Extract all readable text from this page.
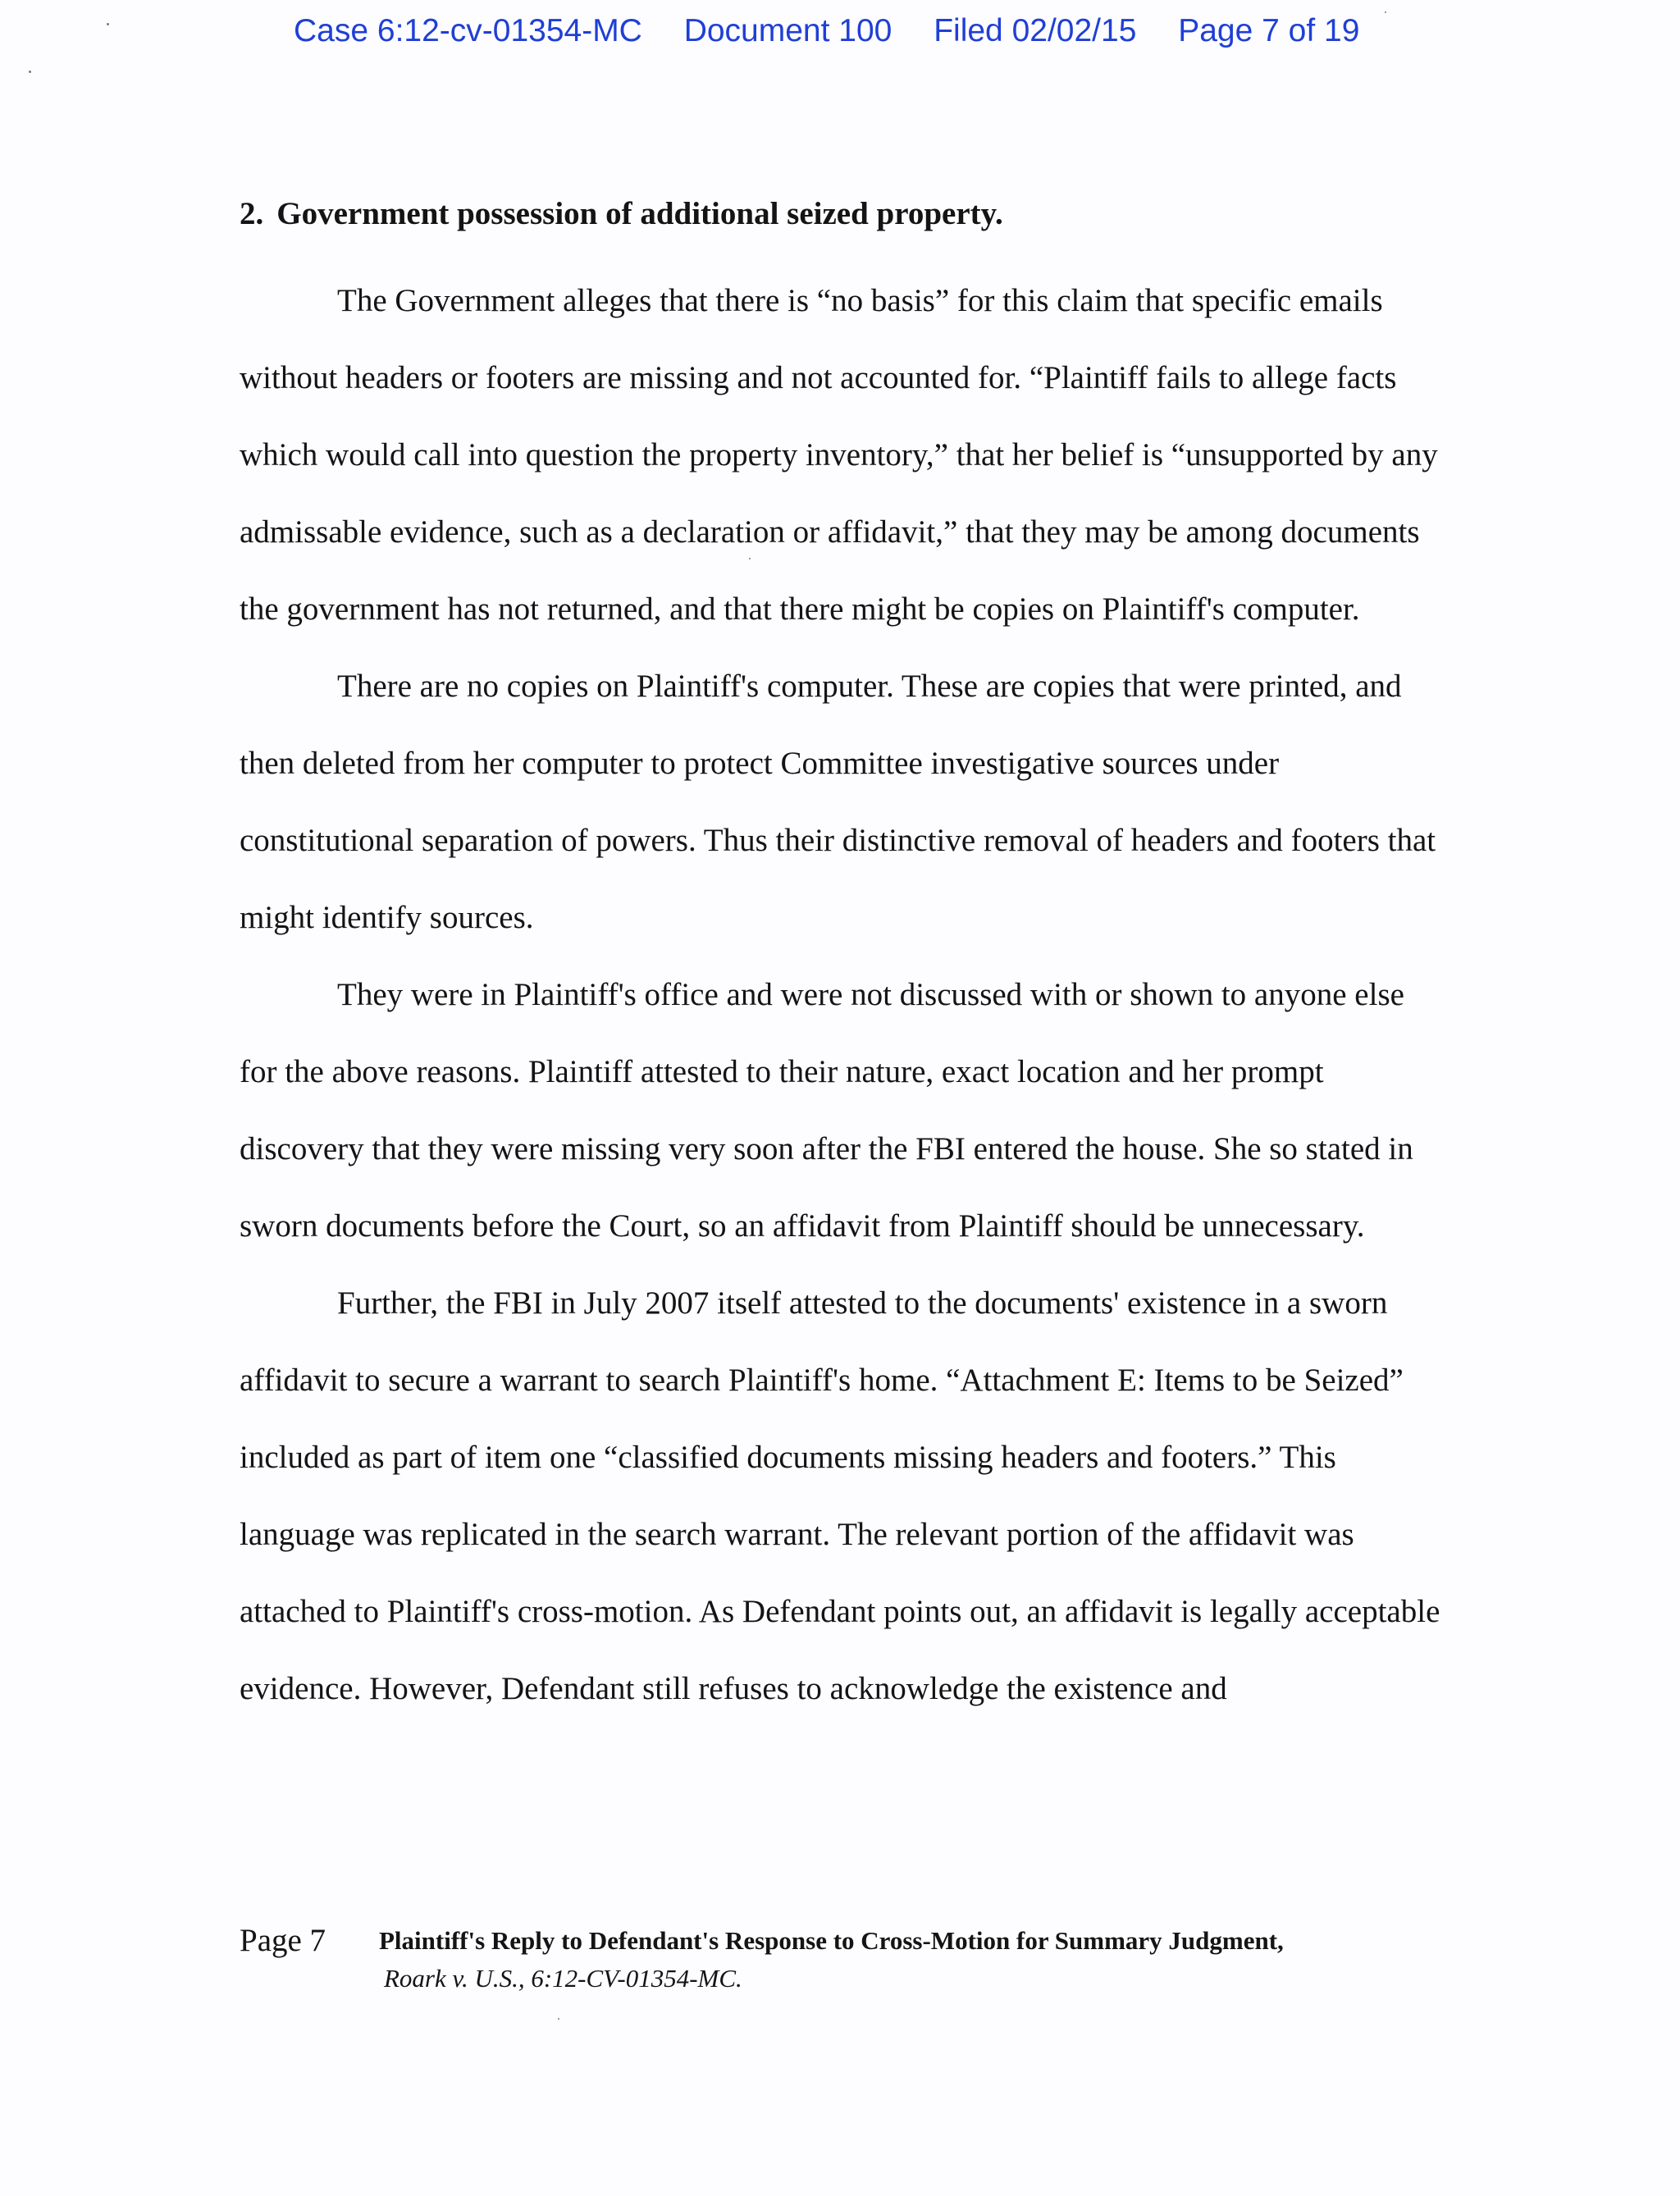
Case 6:12-cv-01354-MC Document 100 Filed 02/02/15 Page 7 of 19

2. Government possession of additional seized property.

The Government alleges that there is “no basis” for this claim that specific emails without headers or footers are missing and not accounted for. “Plaintiff fails to allege facts which would call into question the property inventory,” that her belief is “unsupported by any admissable evidence, such as a declaration or affidavit,” that they may be among documents the government has not returned, and that there might be copies on Plaintiff's computer.

There are no copies on Plaintiff's computer. These are copies that were printed, and then deleted from her computer to protect Committee investigative sources under constitutional separation of powers. Thus their distinctive removal of headers and footers that might identify sources.

They were in Plaintiff's office and were not discussed with or shown to anyone else for the above reasons. Plaintiff attested to their nature, exact location and her prompt discovery that they were missing very soon after the FBI entered the house. She so stated in sworn documents before the Court, so an affidavit from Plaintiff should be unnecessary.

Further, the FBI in July 2007 itself attested to the documents' existence in a sworn affidavit to secure a warrant to search Plaintiff's home. “Attachment E: Items to be Seized” included as part of item one “classified documents missing headers and footers.” This language was replicated in the search warrant. The relevant portion of the affidavit was attached to Plaintiff's cross-motion. As Defendant points out, an affidavit is legally acceptable evidence. However, Defendant still refuses to acknowledge the existence and

Page 7 Plaintiff's Reply to Defendant's Response to Cross-Motion for Summary Judgment,
Roark v. U.S., 6:12-CV-01354-MC.
